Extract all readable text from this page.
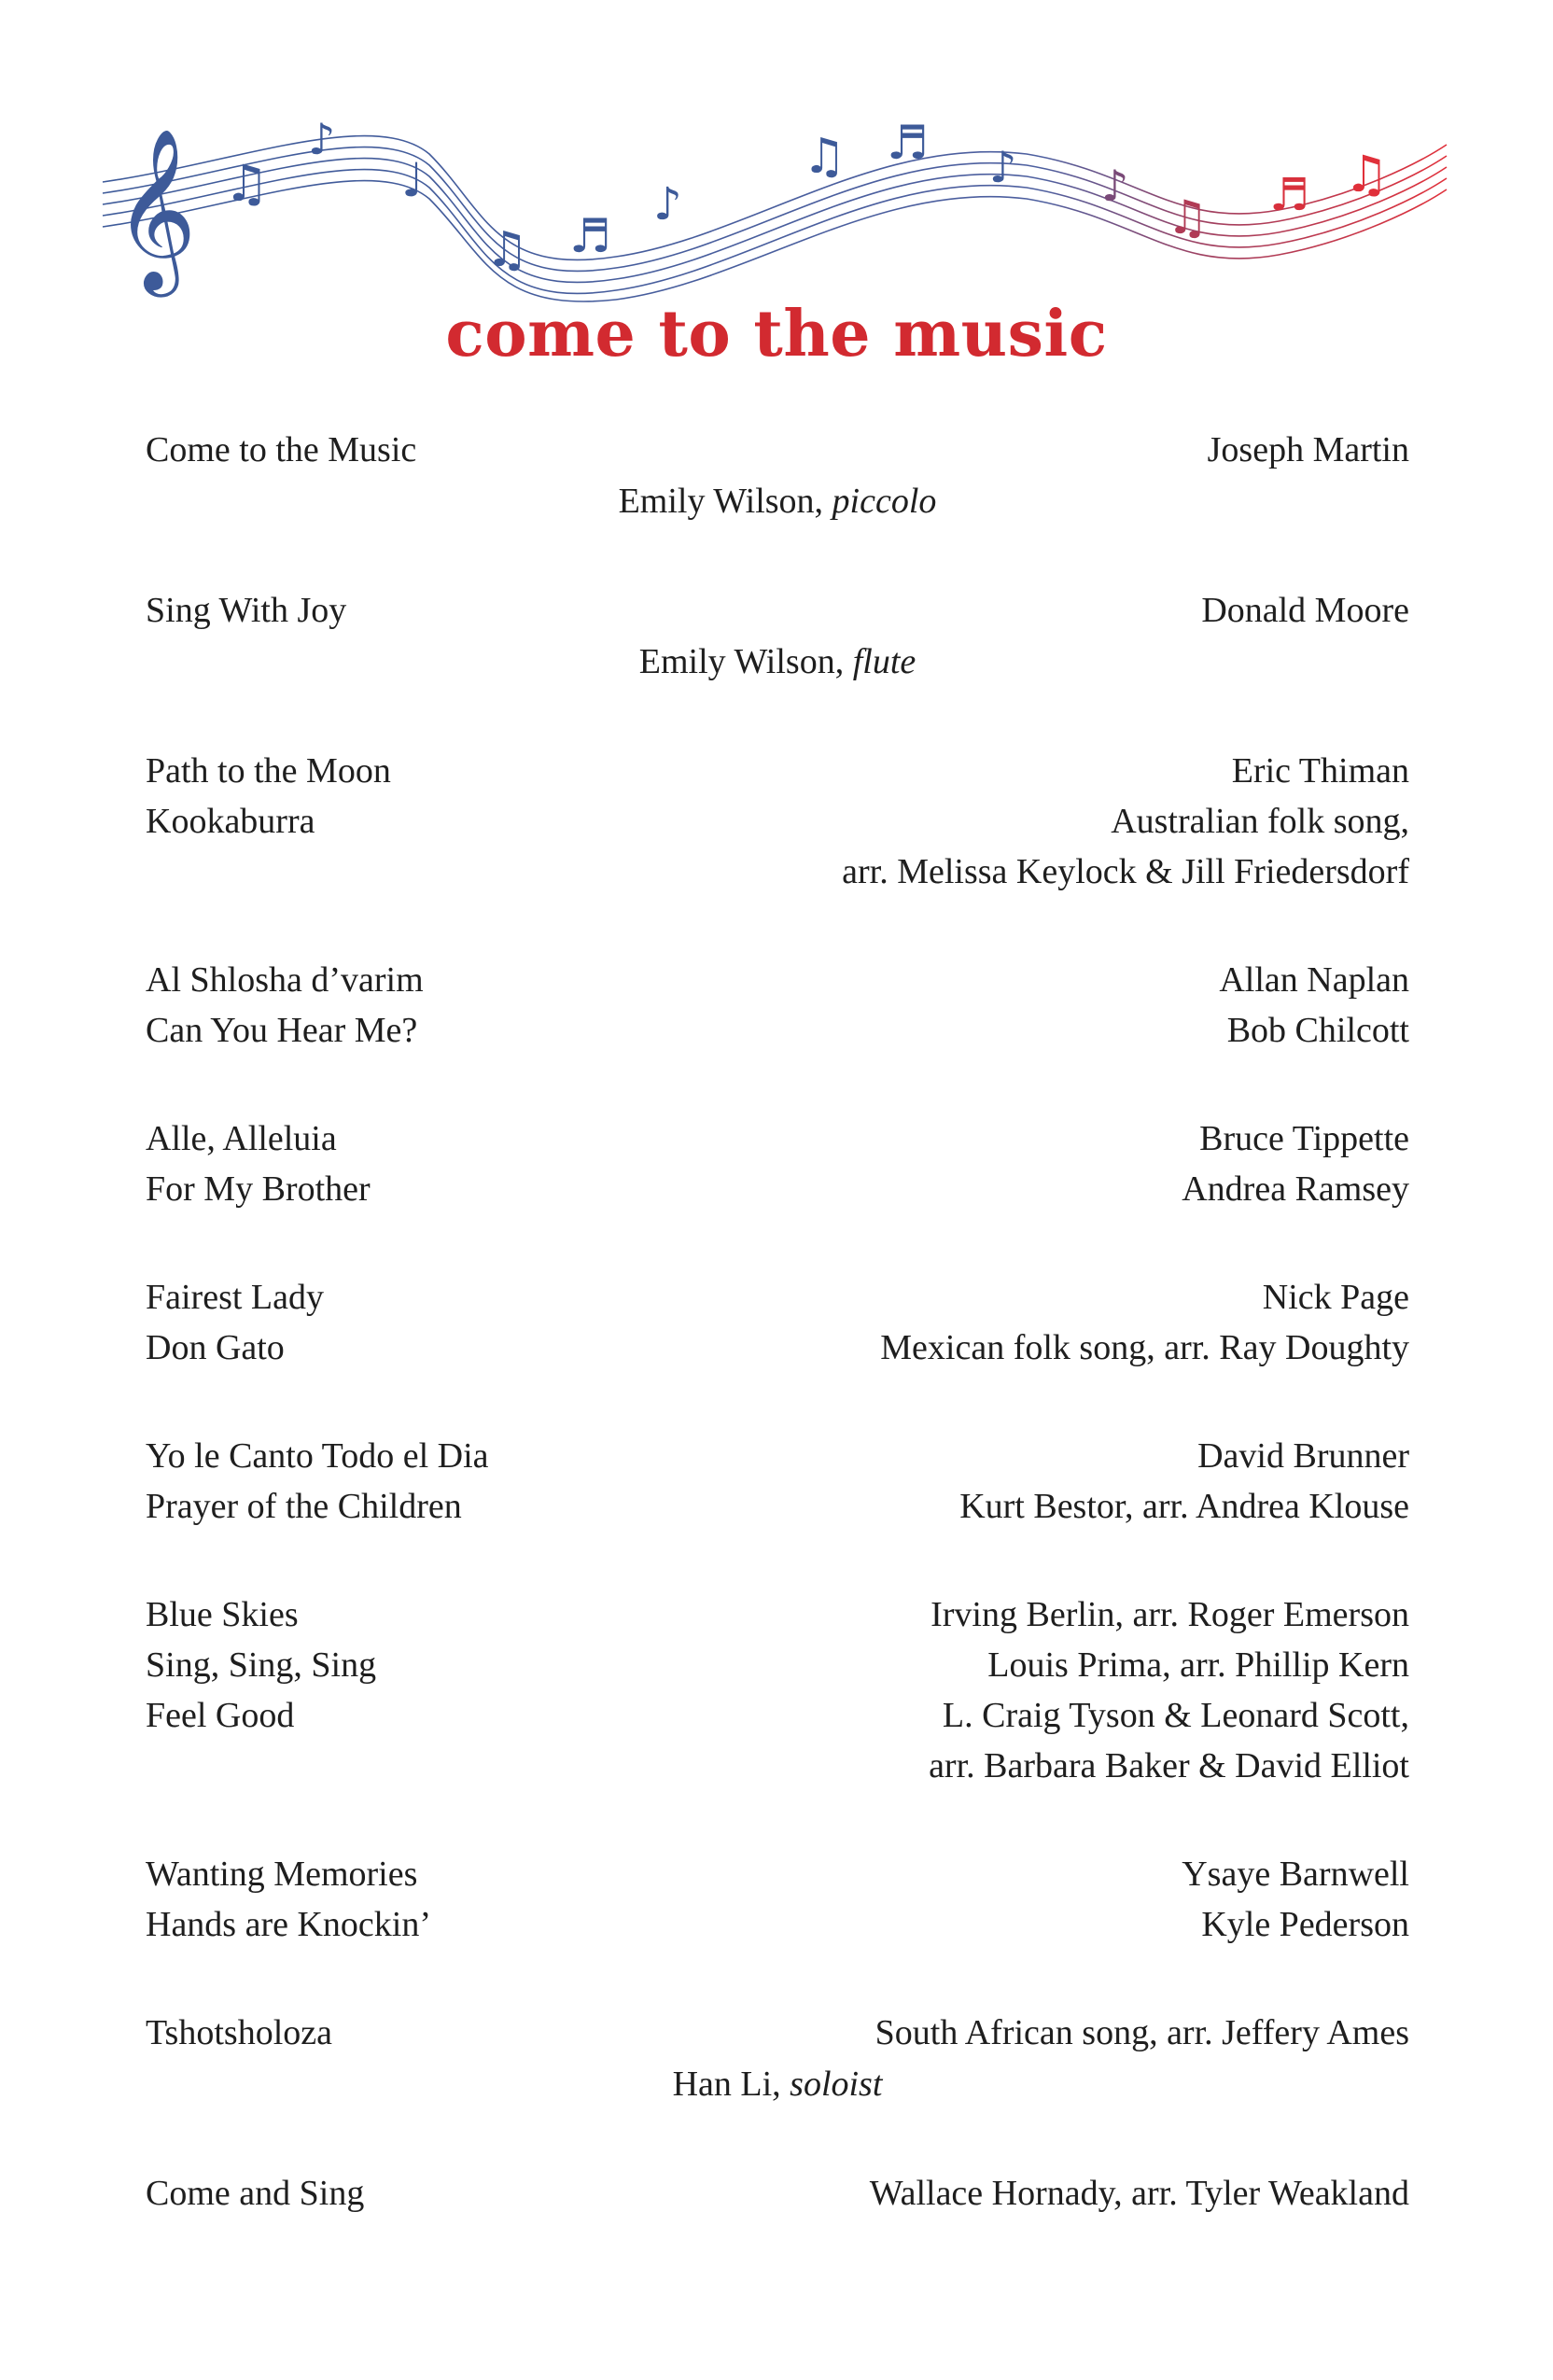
𝄞 ♫
♪
♩
♫ ♬
♪
♫ ♬ ♪ ♪
♫ ♬ ♫
come to the music
Come to the Music	Joseph Martin
Emily Wilson, piccolo
Sing With Joy	Donald Moore
Emily Wilson, flute
Path to the Moon	Eric Thiman
Kookaburra	Australian folk song,
arr. Melissa Keylock & Jill Friedersdorf
Al Shlosha d’varim	Allan Naplan
Can You Hear Me?	Bob Chilcott
Alle, Alleluia	Bruce Tippette
For My Brother	Andrea Ramsey
Fairest Lady	Nick Page
Don Gato	Mexican folk song, arr. Ray Doughty
Yo le Canto Todo el Dia	David Brunner
Prayer of the Children	Kurt Bestor, arr. Andrea Klouse
Blue Skies	Irving Berlin, arr. Roger Emerson
Sing, Sing, Sing	Louis Prima, arr. Phillip Kern
Feel Good	L. Craig Tyson & Leonard Scott,
arr. Barbara Baker & David Elliot
Wanting Memories	Ysaye Barnwell
Hands are Knockin’	Kyle Pederson
Tshotsholoza	South African song, arr. Jeffery Ames
Han Li, soloist
Come and Sing	Wallace Hornady, arr. Tyler Weakland
